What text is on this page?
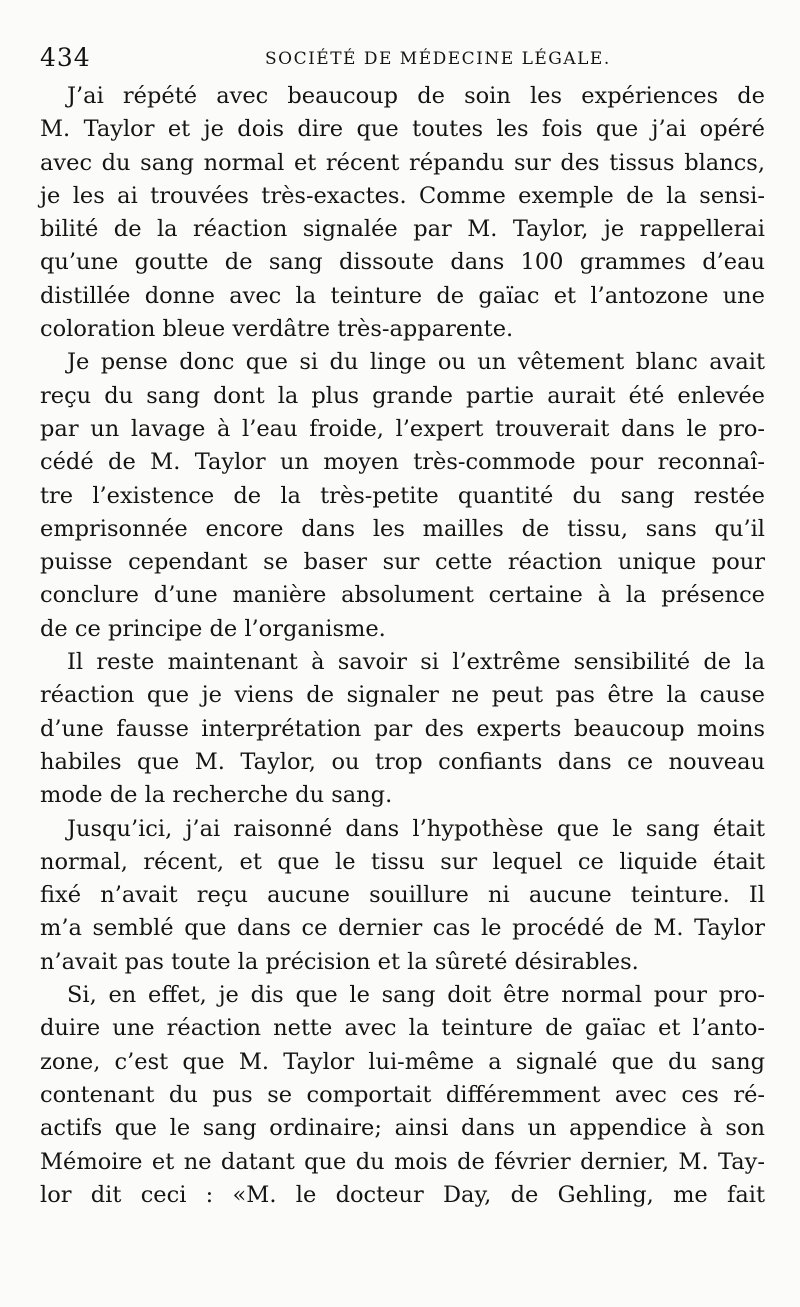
434	SOCIÉTÉ DE MÉDECINE LÉGALE.
J’ai répété avec beaucoup de soin les expériences de
M. Taylor et je dois dire que toutes les fois que j’ai opéré
avec du sang normal et récent répandu sur des tissus blancs,
je les ai trouvées très-exactes. Comme exemple de la sensi-
bilité de la réaction signalée par M. Taylor, je rappellerai
qu’une goutte de sang dissoute dans 100 grammes d’eau
distillée donne avec la teinture de gaïac et l’antozone une
coloration bleue verdâtre très-apparente.
Je pense donc que si du linge ou un vêtement blanc avait
reçu du sang dont la plus grande partie aurait été enlevée
par un lavage à l’eau froide, l’expert trouverait dans le pro-
cédé de M. Taylor un moyen très-commode pour reconnaî-
tre l’existence de la très-petite quantité du sang restée
emprisonnée encore dans les mailles de tissu, sans qu’il
puisse cependant se baser sur cette réaction unique pour
conclure d’une manière absolument certaine à la présence
de ce principe de l’organisme.
Il reste maintenant à savoir si l’extrême sensibilité de la
réaction que je viens de signaler ne peut pas être la cause
d’une fausse interprétation par des experts beaucoup moins
habiles que M. Taylor, ou trop confiants dans ce nouveau
mode de la recherche du sang.
Jusqu’ici, j’ai raisonné dans l’hypothèse que le sang était
normal, récent, et que le tissu sur lequel ce liquide était
fixé n’avait reçu aucune souillure ni aucune teinture. Il
m’a semblé que dans ce dernier cas le procédé de M. Taylor
n’avait pas toute la précision et la sûreté désirables.
Si, en effet, je dis que le sang doit être normal pour pro-
duire une réaction nette avec la teinture de gaïac et l’anto-
zone, c’est que M. Taylor lui-même a signalé que du sang
contenant du pus se comportait différemment avec ces ré-
actifs que le sang ordinaire; ainsi dans un appendice à son
Mémoire et ne datant que du mois de février dernier, M. Tay-
lor dit ceci : «M. le docteur Day, de Gehling, me fait
